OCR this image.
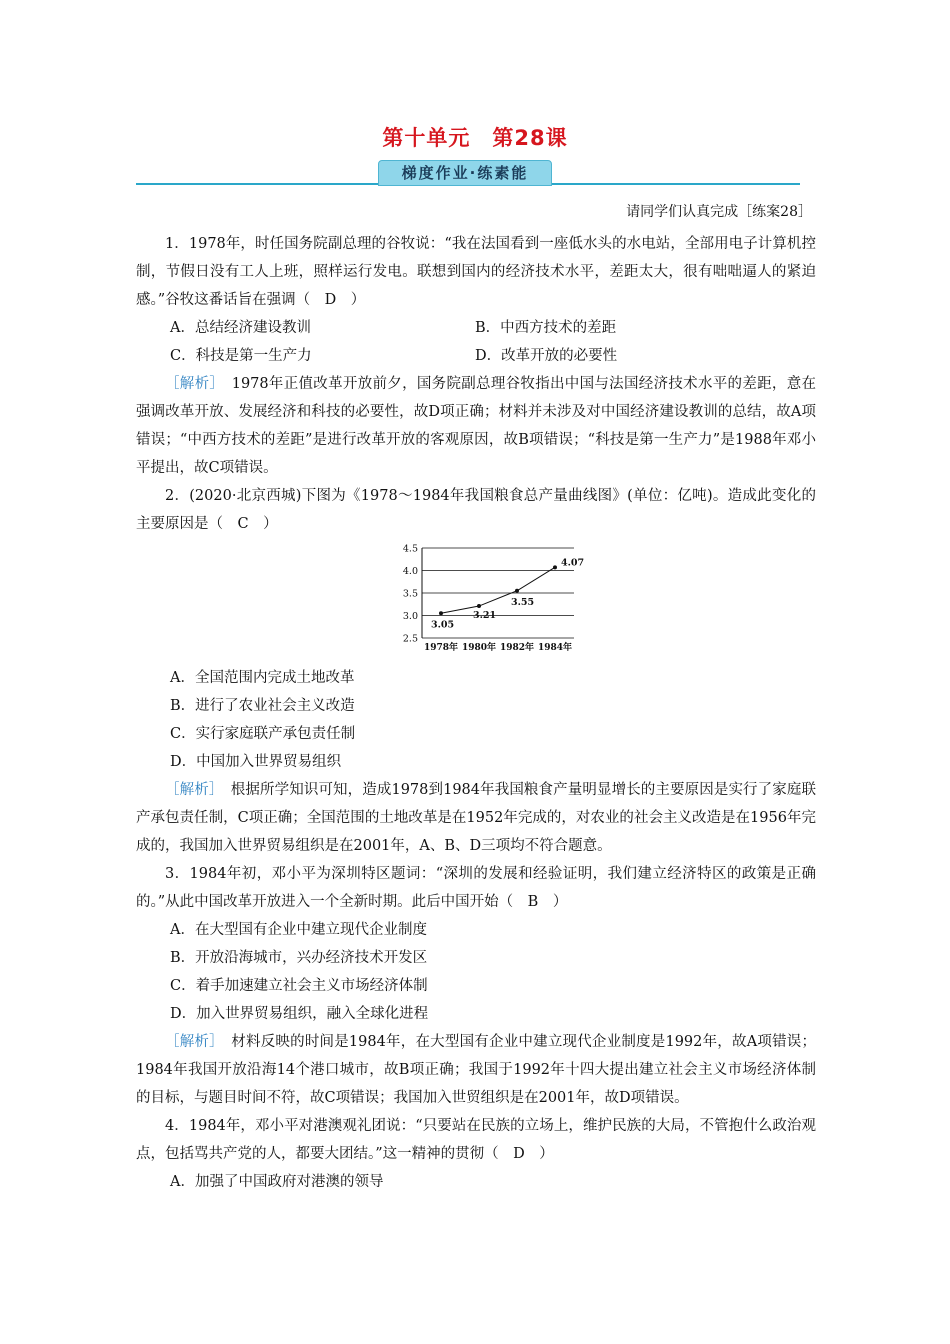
第十单元　第28课
梯度作业·练素能
请同学们认真完成［练案28］

1．1978年，时任国务院副总理的谷牧说：“我在法国看到一座低水头的水电站，全部用电子计算机控制，节假日没有工人上班，照样运行发电。联想到国内的经济技术水平，差距太大，很有咄咄逼人的紧迫感。”谷牧这番话旨在强调（　D　）

A．总结经济建设教训	B．中西方技术的差距
C．科技是第一生产力	D．改革开放的必要性

［解析］　1978年正值改革开放前夕，国务院副总理谷牧指出中国与法国经济技术水平的差距，意在强调改革开放、发展经济和科技的必要性，故D项正确；材料并未涉及对中国经济建设教训的总结，故A项错误；“中西方技术的差距”是进行改革开放的客观原因，故B项错误；“科技是第一生产力”是1988年邓小平提出，故C项错误。

2．(2020·北京西城)下图为《1978～1984年我国粮食总产量曲线图》(单位：亿吨)。造成此变化的主要原因是（　C　）

4.5
4.0
3.5
3.0
2.5
1978年 1980年 1982年 1984年
3.05
3.21
3.55
4.07
A．全国范围内完成土地改革
B．进行了农业社会主义改造
C．实行家庭联产承包责任制
D．中国加入世界贸易组织

［解析］　根据所学知识可知，造成1978到1984年我国粮食产量明显增长的主要原因是实行了家庭联产承包责任制，C项正确；全国范围的土地改革是在1952年完成的，对农业的社会主义改造是在1956年完成的，我国加入世界贸易组织是在2001年，A、B、D三项均不符合题意。

3．1984年初，邓小平为深圳特区题词：“深圳的发展和经验证明，我们建立经济特区的政策是正确的。”从此中国改革开放进入一个全新时期。此后中国开始（　B　）

A．在大型国有企业中建立现代企业制度
B．开放沿海城市，兴办经济技术开发区
C．着手加速建立社会主义市场经济体制
D．加入世界贸易组织，融入全球化进程

［解析］　材料反映的时间是1984年，在大型国有企业中建立现代企业制度是1992年，故A项错误；1984年我国开放沿海14个港口城市，故B项正确；我国于1992年十四大提出建立社会主义市场经济体制的目标，与题目时间不符，故C项错误；我国加入世贸组织是在2001年，故D项错误。

4．1984年，邓小平对港澳观礼团说：“只要站在民族的立场上，维护民族的大局，不管抱什么政治观点，包括骂共产党的人，都要大团结。”这一精神的贯彻（　D　）

A．加强了中国政府对港澳的领导
